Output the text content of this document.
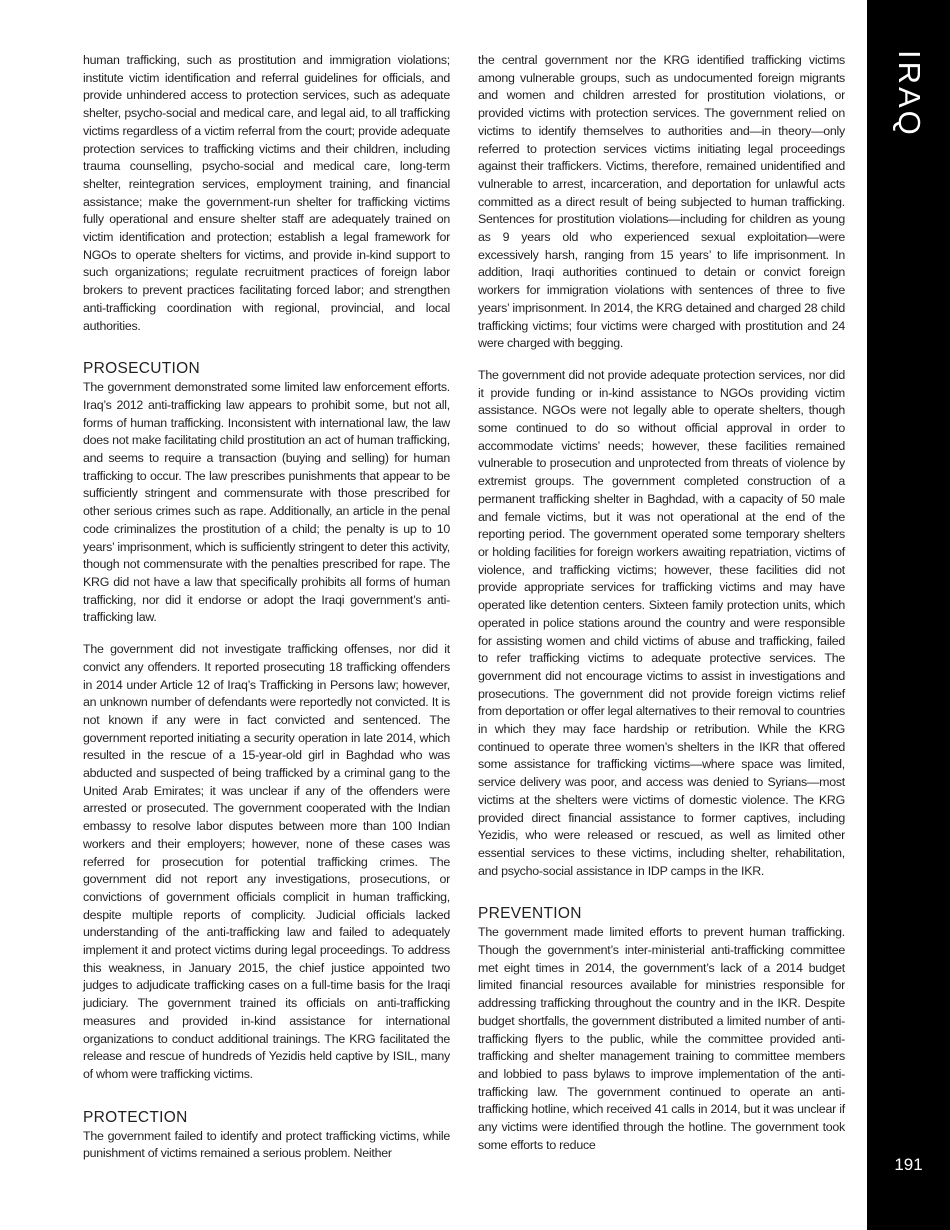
human trafficking, such as prostitution and immigration violations; institute victim identification and referral guidelines for officials, and provide unhindered access to protection services, such as adequate shelter, psycho-social and medical care, and legal aid, to all trafficking victims regardless of a victim referral from the court; provide adequate protection services to trafficking victims and their children, including trauma counselling, psycho-social and medical care, long-term shelter, reintegration services, employment training, and financial assistance; make the government-run shelter for trafficking victims fully operational and ensure shelter staff are adequately trained on victim identification and protection; establish a legal framework for NGOs to operate shelters for victims, and provide in-kind support to such organizations; regulate recruitment practices of foreign labor brokers to prevent practices facilitating forced labor; and strengthen anti-trafficking coordination with regional, provincial, and local authorities.

PROSECUTION

The government demonstrated some limited law enforcement efforts. Iraq’s 2012 anti-trafficking law appears to prohibit some, but not all, forms of human trafficking. Inconsistent with international law, the law does not make facilitating child prostitution an act of human trafficking, and seems to require a transaction (buying and selling) for human trafficking to occur. The law prescribes punishments that appear to be sufficiently stringent and commensurate with those prescribed for other serious crimes such as rape. Additionally, an article in the penal code criminalizes the prostitution of a child; the penalty is up to 10 years’ imprisonment, which is sufficiently stringent to deter this activity, though not commensurate with the penalties prescribed for rape. The KRG did not have a law that specifically prohibits all forms of human trafficking, nor did it endorse or adopt the Iraqi government’s anti-trafficking law.

The government did not investigate trafficking offenses, nor did it convict any offenders. It reported prosecuting 18 trafficking offenders in 2014 under Article 12 of Iraq’s Trafficking in Persons law; however, an unknown number of defendants were reportedly not convicted. It is not known if any were in fact convicted and sentenced. The government reported initiating a security operation in late 2014, which resulted in the rescue of a 15-year-old girl in Baghdad who was abducted and suspected of being trafficked by a criminal gang to the United Arab Emirates; it was unclear if any of the offenders were arrested or prosecuted. The government cooperated with the Indian embassy to resolve labor disputes between more than 100 Indian workers and their employers; however, none of these cases was referred for prosecution for potential trafficking crimes. The government did not report any investigations, prosecutions, or convictions of government officials complicit in human trafficking, despite multiple reports of complicity. Judicial officials lacked understanding of the anti-trafficking law and failed to adequately implement it and protect victims during legal proceedings. To address this weakness, in January 2015, the chief justice appointed two judges to adjudicate trafficking cases on a full-time basis for the Iraqi judiciary. The government trained its officials on anti-trafficking measures and provided in-kind assistance for international organizations to conduct additional trainings. The KRG facilitated the release and rescue of hundreds of Yezidis held captive by ISIL, many of whom were trafficking victims.

PROTECTION

The government failed to identify and protect trafficking victims, while punishment of victims remained a serious problem. Neither

the central government nor the KRG identified trafficking victims among vulnerable groups, such as undocumented foreign migrants and women and children arrested for prostitution violations, or provided victims with protection services. The government relied on victims to identify themselves to authorities and—in theory—only referred to protection services victims initiating legal proceedings against their traffickers. Victims, therefore, remained unidentified and vulnerable to arrest, incarceration, and deportation for unlawful acts committed as a direct result of being subjected to human trafficking. Sentences for prostitution violations—including for children as young as 9 years old who experienced sexual exploitation—were excessively harsh, ranging from 15 years’ to life imprisonment. In addition, Iraqi authorities continued to detain or convict foreign workers for immigration violations with sentences of three to five years’ imprisonment. In 2014, the KRG detained and charged 28 child trafficking victims; four victims were charged with prostitution and 24 were charged with begging.

The government did not provide adequate protection services, nor did it provide funding or in-kind assistance to NGOs providing victim assistance. NGOs were not legally able to operate shelters, though some continued to do so without official approval in order to accommodate victims’ needs; however, these facilities remained vulnerable to prosecution and unprotected from threats of violence by extremist groups. The government completed construction of a permanent trafficking shelter in Baghdad, with a capacity of 50 male and female victims, but it was not operational at the end of the reporting period. The government operated some temporary shelters or holding facilities for foreign workers awaiting repatriation, victims of violence, and trafficking victims; however, these facilities did not provide appropriate services for trafficking victims and may have operated like detention centers. Sixteen family protection units, which operated in police stations around the country and were responsible for assisting women and child victims of abuse and trafficking, failed to refer trafficking victims to adequate protective services. The government did not encourage victims to assist in investigations and prosecutions. The government did not provide foreign victims relief from deportation or offer legal alternatives to their removal to countries in which they may face hardship or retribution. While the KRG continued to operate three women’s shelters in the IKR that offered some assistance for trafficking victims—where space was limited, service delivery was poor, and access was denied to Syrians—most victims at the shelters were victims of domestic violence. The KRG provided direct financial assistance to former captives, including Yezidis, who were released or rescued, as well as limited other essential services to these victims, including shelter, rehabilitation, and psycho-social assistance in IDP camps in the IKR.

PREVENTION

The government made limited efforts to prevent human trafficking. Though the government’s inter-ministerial anti-trafficking committee met eight times in 2014, the government’s lack of a 2014 budget limited financial resources available for ministries responsible for addressing trafficking throughout the country and in the IKR. Despite budget shortfalls, the government distributed a limited number of anti-trafficking flyers to the public, while the committee provided anti-trafficking and shelter management training to committee members and lobbied to pass bylaws to improve implementation of the anti-trafficking law. The government continued to operate an anti-trafficking hotline, which received 41 calls in 2014, but it was unclear if any victims were identified through the hotline. The government took some efforts to reduce

IRAQ
191
